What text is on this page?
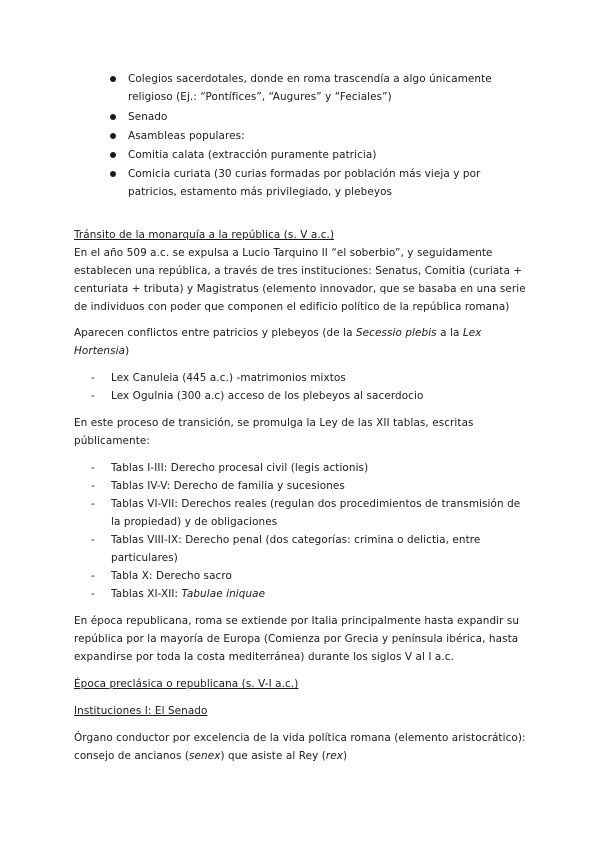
Colegios sacerdotales, donde en roma trascendía a algo únicamente religioso (Ej.: “Pontífices”, “Augures” y “Feciales”)
Senado
Asambleas populares:
Comitia calata (extracción puramente patricia)
Comicia curiata (30 curias formadas por población más vieja y por patricios, estamento más privilegiado, y plebeyos
Tránsito de la monarquía a la república (s. V a.c.)
En el año 509 a.c. se expulsa a Lucio Tarquino II “el soberbio”, y seguidamente establecen una república, a través de tres instituciones: Senatus, Comitia (curiata + centuriata + tributa) y Magistratus (elemento innovador, que se basaba en una serie de individuos con poder que componen el edificio político de la república romana)
Aparecen conflictos entre patricios y plebeyos (de la Secessio plebis a la Lex Hortensia)
-	Lex Canuleia (445 a.c.) -matrimonios mixtos
-	Lex Ogulnia (300 a.c) acceso de los plebeyos al sacerdocio
En este proceso de transición, se promulga la Ley de las XII tablas, escritas públicamente:
-	Tablas I-III: Derecho procesal civil (legis actionis)
-	Tablas IV-V: Derecho de familia y sucesiones
-	Tablas VI-VII: Derechos reales (regulan dos procedimientos de transmisión de la propiedad) y de obligaciones
-	Tablas VIII-IX: Derecho penal (dos categorías: crimina o delictia, entre particulares)
-	Tabla X: Derecho sacro
-	Tablas XI-XII: Tabulae iniquae
En época republicana, roma se extiende por Italia principalmente hasta expandir su república por la mayoría de Europa (Comienza por Grecia y península ibérica, hasta expandirse por toda la costa mediterránea) durante los siglos V al I a.c.
Época preclásica o republicana (s. V-I a.c.)
Instituciones I: El Senado
Órgano conductor por excelencia de la vida política romana (elemento aristocrático): consejo de ancianos (senex) que asiste al Rey (rex)
